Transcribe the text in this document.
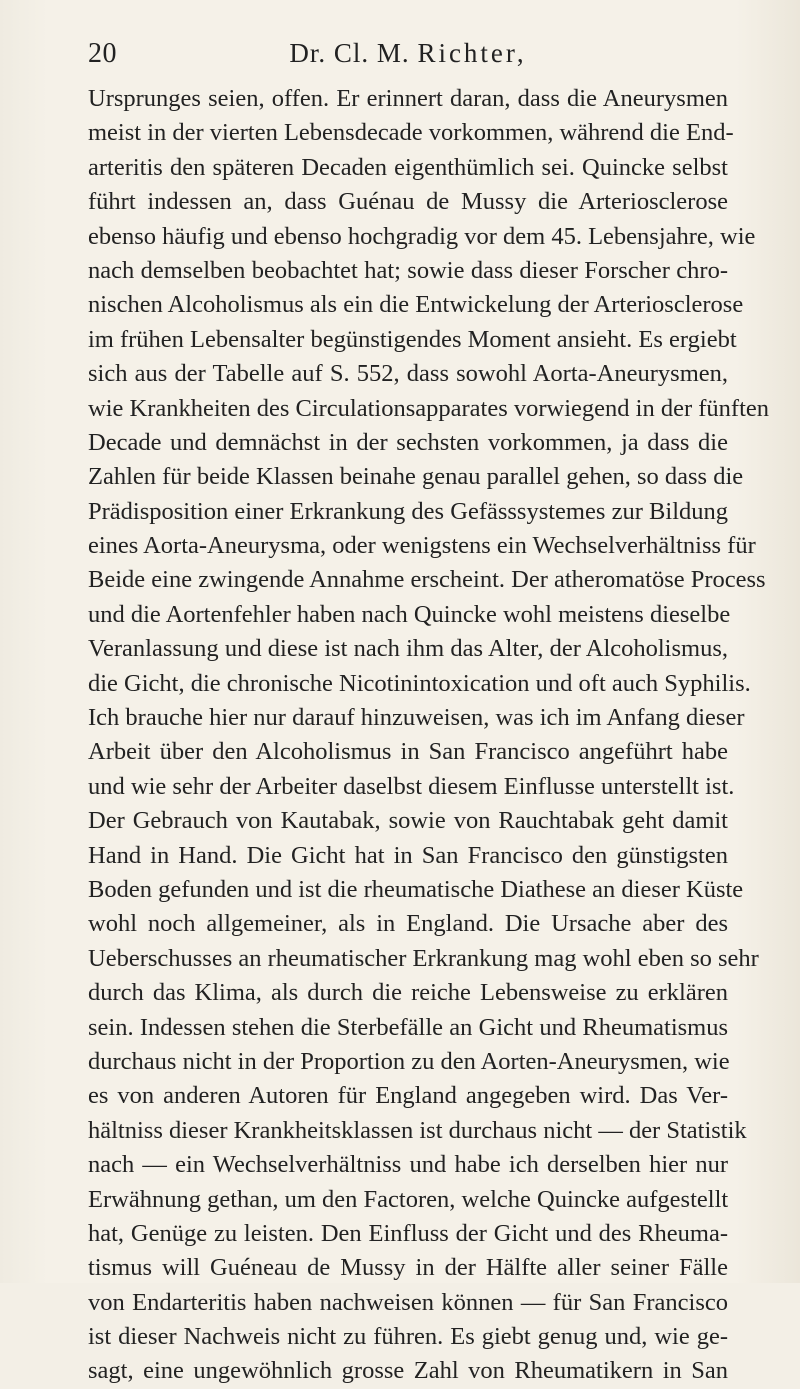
20	Dr. Cl. M. Richter,
Ursprunges seien, offen. Er erinnert daran, dass die Aneurysmen
meist in der vierten Lebensdecade vorkommen, während die End-
arteritis den späteren Decaden eigenthümlich sei. Quincke selbst
führt indessen an, dass Guénau de Mussy die Arteriosclerose
ebenso häufig und ebenso hochgradig vor dem 45. Lebensjahre, wie
nach demselben beobachtet hat; sowie dass dieser Forscher chro-
nischen Alcoholismus als ein die Entwickelung der Arteriosclerose
im frühen Lebensalter begünstigendes Moment ansieht. Es ergiebt
sich aus der Tabelle auf S. 552, dass sowohl Aorta-Aneurysmen,
wie Krankheiten des Circulationsapparates vorwiegend in der fünften
Decade und demnächst in der sechsten vorkommen, ja dass die
Zahlen für beide Klassen beinahe genau parallel gehen, so dass die
Prädisposition einer Erkrankung des Gefässsystemes zur Bildung
eines Aorta-Aneurysma, oder wenigstens ein Wechselverhältniss für
Beide eine zwingende Annahme erscheint. Der atheromatöse Process
und die Aortenfehler haben nach Quincke wohl meistens dieselbe
Veranlassung und diese ist nach ihm das Alter, der Alcoholismus,
die Gicht, die chronische Nicotinintoxication und oft auch Syphilis.
Ich brauche hier nur darauf hinzuweisen, was ich im Anfang dieser
Arbeit über den Alcoholismus in San Francisco angeführt habe
und wie sehr der Arbeiter daselbst diesem Einflusse unterstellt ist.
Der Gebrauch von Kautabak, sowie von Rauchtabak geht damit
Hand in Hand. Die Gicht hat in San Francisco den günstigsten
Boden gefunden und ist die rheumatische Diathese an dieser Küste
wohl noch allgemeiner, als in England. Die Ursache aber des
Ueberschusses an rheumatischer Erkrankung mag wohl eben so sehr
durch das Klima, als durch die reiche Lebensweise zu erklären
sein. Indessen stehen die Sterbefälle an Gicht und Rheumatismus
durchaus nicht in der Proportion zu den Aorten-Aneurysmen, wie
es von anderen Autoren für England angegeben wird. Das Ver-
hältniss dieser Krankheitsklassen ist durchaus nicht — der Statistik
nach — ein Wechselverhältniss und habe ich derselben hier nur
Erwähnung gethan, um den Factoren, welche Quincke aufgestellt
hat, Genüge zu leisten. Den Einfluss der Gicht und des Rheuma-
tismus will Guéneau de Mussy in der Hälfte aller seiner Fälle
von Endarteritis haben nachweisen können — für San Francisco
ist dieser Nachweis nicht zu führen. Es giebt genug und, wie ge-
sagt, eine ungewöhnlich grosse Zahl von Rheumatikern in San
